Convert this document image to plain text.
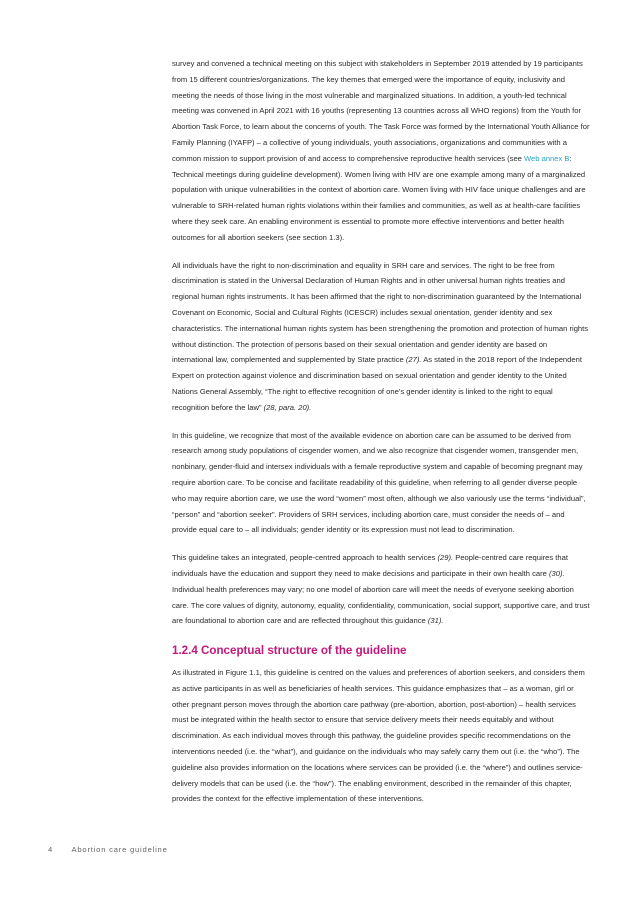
survey and convened a technical meeting on this subject with stakeholders in September 2019 attended by 19 participants from 15 different countries/organizations. The key themes that emerged were the importance of equity, inclusivity and meeting the needs of those living in the most vulnerable and marginalized situations. In addition, a youth-led technical meeting was convened in April 2021 with 16 youths (representing 13 countries across all WHO regions) from the Youth for Abortion Task Force, to learn about the concerns of youth. The Task Force was formed by the International Youth Alliance for Family Planning (IYAFP) – a collective of young individuals, youth associations, organizations and communities with a common mission to support provision of and access to comprehensive reproductive health services (see Web annex B: Technical meetings during guideline development). Women living with HIV are one example among many of a marginalized population with unique vulnerabilities in the context of abortion care. Women living with HIV face unique challenges and are vulnerable to SRH-related human rights violations within their families and communities, as well as at health-care facilities where they seek care. An enabling environment is essential to promote more effective interventions and better health outcomes for all abortion seekers (see section 1.3).

All individuals have the right to non-discrimination and equality in SRH care and services. The right to be free from discrimination is stated in the Universal Declaration of Human Rights and in other universal human rights treaties and regional human rights instruments. It has been affirmed that the right to non-discrimination guaranteed by the International Covenant on Economic, Social and Cultural Rights (ICESCR) includes sexual orientation, gender identity and sex characteristics. The international human rights system has been strengthening the promotion and protection of human rights without distinction. The protection of persons based on their sexual orientation and gender identity are based on international law, complemented and supplemented by State practice (27). As stated in the 2018 report of the Independent Expert on protection against violence and discrimination based on sexual orientation and gender identity to the United Nations General Assembly, “The right to effective recognition of one’s gender identity is linked to the right to equal recognition before the law” (28, para. 20).

In this guideline, we recognize that most of the available evidence on abortion care can be assumed to be derived from research among study populations of cisgender women, and we also recognize that cisgender women, transgender men, nonbinary, gender-fluid and intersex individuals with a female reproductive system and capable of becoming pregnant may require abortion care. To be concise and facilitate readability of this guideline, when referring to all gender diverse people who may require abortion care, we use the word “women” most often, although we also variously use the terms “individual”, “person” and “abortion seeker”. Providers of SRH services, including abortion care, must consider the needs of – and provide equal care to – all individuals; gender identity or its expression must not lead to discrimination.

This guideline takes an integrated, people-centred approach to health services (29). People-centred care requires that individuals have the education and support they need to make decisions and participate in their own health care (30). Individual health preferences may vary; no one model of abortion care will meet the needs of everyone seeking abortion care. The core values of dignity, autonomy, equality, confidentiality, communication, social support, supportive care, and trust are foundational to abortion care and are reflected throughout this guidance (31).

1.2.4 Conceptual structure of the guideline

As illustrated in Figure 1.1, this guideline is centred on the values and preferences of abortion seekers, and considers them as active participants in as well as beneficiaries of health services. This guidance emphasizes that – as a woman, girl or other pregnant person moves through the abortion care pathway (pre-abortion, abortion, post-abortion) – health services must be integrated within the health sector to ensure that service delivery meets their needs equitably and without discrimination. As each individual moves through this pathway, the guideline provides specific recommendations on the interventions needed (i.e. the “what”), and guidance on the individuals who may safely carry them out (i.e. the “who”). The guideline also provides information on the locations where services can be provided (i.e. the “where”) and outlines service-delivery models that can be used (i.e. the “how”). The enabling environment, described in the remainder of this chapter, provides the context for the effective implementation of these interventions.

4 Abortion care guideline
